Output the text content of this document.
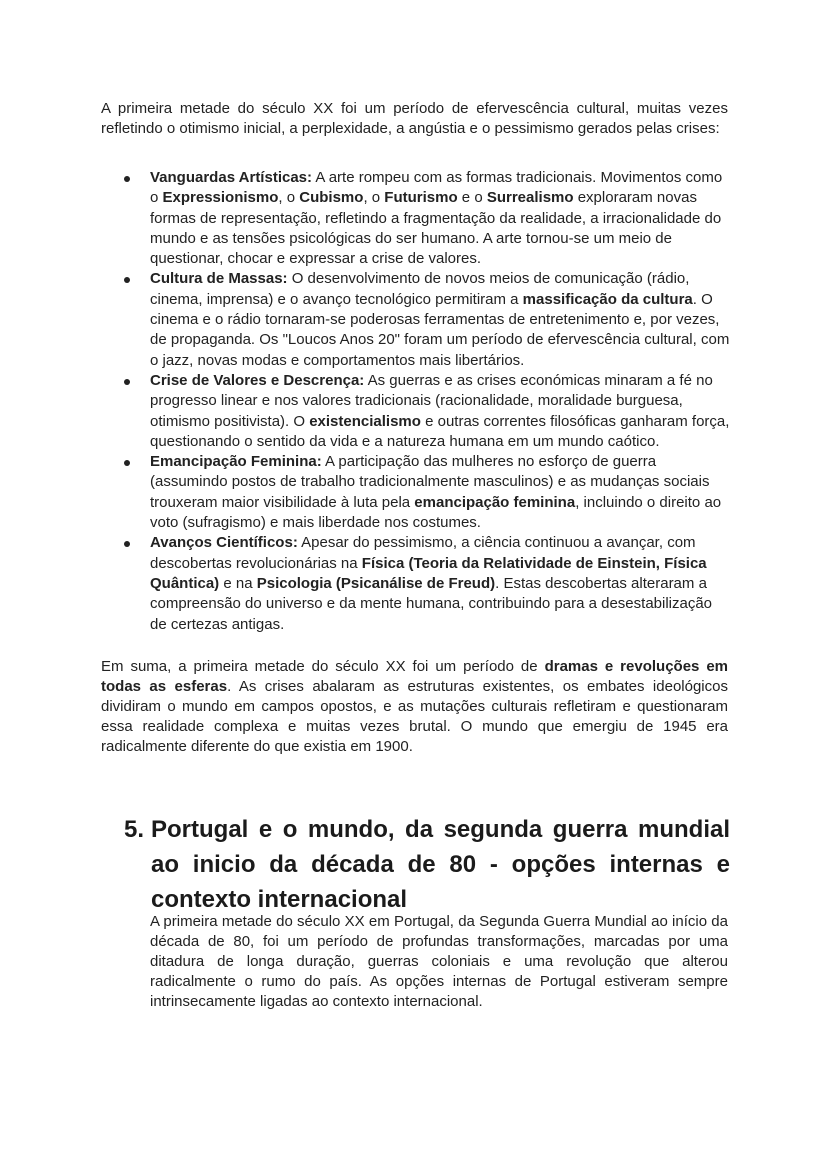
A primeira metade do século XX foi um período de efervescência cultural, muitas vezes refletindo o otimismo inicial, a perplexidade, a angústia e o pessimismo gerados pelas crises:

Vanguardas Artísticas: A arte rompeu com as formas tradicionais. Movimentos como o Expressionismo, o Cubismo, o Futurismo e o Surrealismo exploraram novas formas de representação, refletindo a fragmentação da realidade, a irracionalidade do mundo e as tensões psicológicas do ser humano. A arte tornou-se um meio de questionar, chocar e expressar a crise de valores.
Cultura de Massas: O desenvolvimento de novos meios de comunicação (rádio, cinema, imprensa) e o avanço tecnológico permitiram a massificação da cultura. O cinema e o rádio tornaram-se poderosas ferramentas de entretenimento e, por vezes, de propaganda. Os "Loucos Anos 20" foram um período de efervescência cultural, com o jazz, novas modas e comportamentos mais libertários.
Crise de Valores e Descrença: As guerras e as crises económicas minaram a fé no progresso linear e nos valores tradicionais (racionalidade, moralidade burguesa, otimismo positivista). O existencialismo e outras correntes filosóficas ganharam força, questionando o sentido da vida e a natureza humana em um mundo caótico.
Emancipação Feminina: A participação das mulheres no esforço de guerra (assumindo postos de trabalho tradicionalmente masculinos) e as mudanças sociais trouxeram maior visibilidade à luta pela emancipação feminina, incluindo o direito ao voto (sufragismo) e mais liberdade nos costumes.
Avanços Científicos: Apesar do pessimismo, a ciência continuou a avançar, com descobertas revolucionárias na Física (Teoria da Relatividade de Einstein, Física Quântica) e na Psicologia (Psicanálise de Freud). Estas descobertas alteraram a compreensão do universo e da mente humana, contribuindo para a desestabilização de certezas antigas.

Em suma, a primeira metade do século XX foi um período de dramas e revoluções em todas as esferas. As crises abalaram as estruturas existentes, os embates ideológicos dividiram o mundo em campos opostos, e as mutações culturais refletiram e questionaram essa realidade complexa e muitas vezes brutal. O mundo que emergiu de 1945 era radicalmente diferente do que existia em 1900.

5. Portugal e o mundo, da segunda guerra mundial ao inicio da década de 80 - opções internas e contexto internacional

A primeira metade do século XX em Portugal, da Segunda Guerra Mundial ao início da década de 80, foi um período de profundas transformações, marcadas por uma ditadura de longa duração, guerras coloniais e uma revolução que alterou radicalmente o rumo do país. As opções internas de Portugal estiveram sempre intrinsecamente ligadas ao contexto internacional.
